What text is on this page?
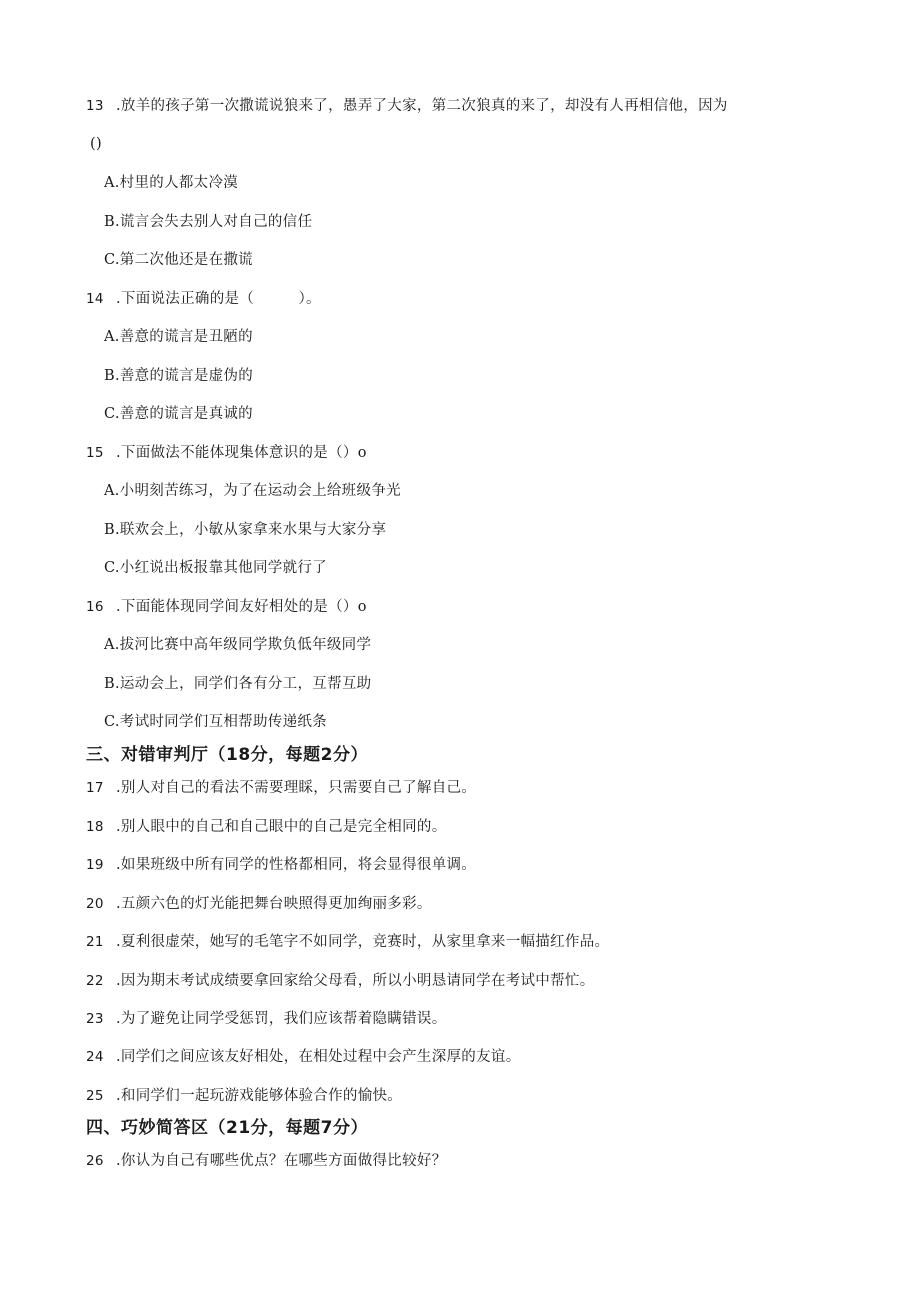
13 .放羊的孩子第一次撒谎说狼来了，愚弄了大家，第二次狼真的来了，却没有人再相信他，因为
()
A.村里的人都太冷漠
B.谎言会失去别人对自己的信任
C.第二次他还是在撒谎
14 .下面说法正确的是（　　　）。
A.善意的谎言是丑陋的
B.善意的谎言是虚伪的
C.善意的谎言是真诚的
15 .下面做法不能体现集体意识的是（）o
A.小明刻苦练习，为了在运动会上给班级争光
B.联欢会上，小敏从家拿来水果与大家分享
C.小红说出板报靠其他同学就行了
16 .下面能体现同学间友好相处的是（）o
A.拔河比赛中高年级同学欺负低年级同学
B.运动会上，同学们各有分工，互帮互助
C.考试时同学们互相帮助传递纸条
三、对错审判厅（18分，每题2分）
17 .别人对自己的看法不需要理睬，只需要自己了解自己。
18 .别人眼中的自己和自己眼中的自己是完全相同的。
19 .如果班级中所有同学的性格都相同，将会显得很单调。
20 .五颜六色的灯光能把舞台映照得更加绚丽多彩。
21 .夏利很虚荣，她写的毛笔字不如同学，竞赛时，从家里拿来一幅描红作品。
22 .因为期末考试成绩要拿回家给父母看，所以小明恳请同学在考试中帮忙。
23 .为了避免让同学受惩罚，我们应该帮着隐瞒错误。
24 .同学们之间应该友好相处，在相处过程中会产生深厚的友谊。
25 .和同学们一起玩游戏能够体验合作的愉快。
四、巧妙简答区（21分，每题7分）
26 .你认为自己有哪些优点？在哪些方面做得比较好？
